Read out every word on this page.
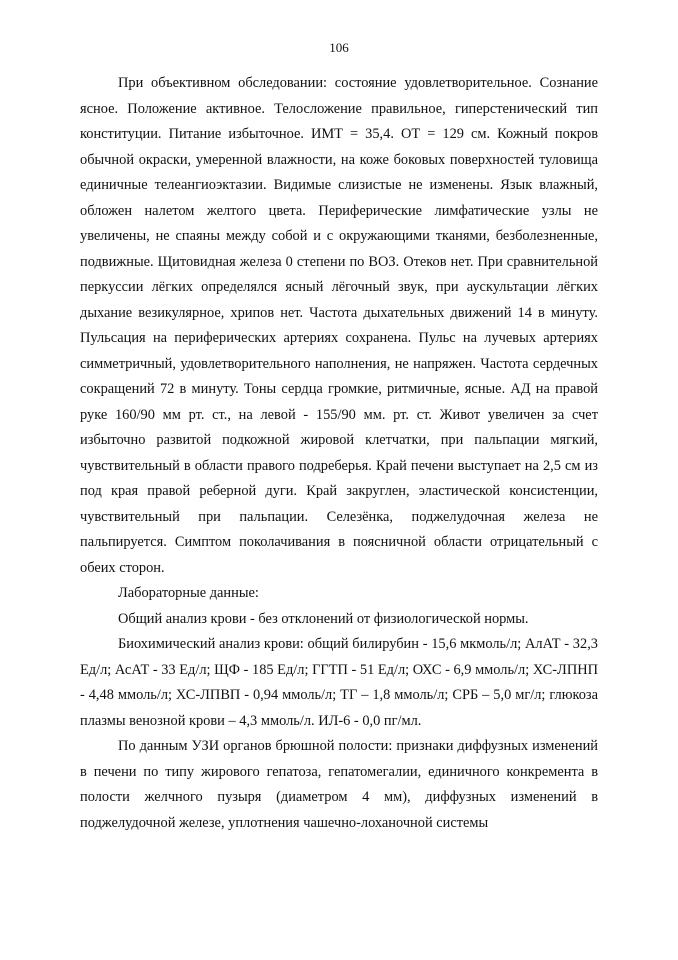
106

При объективном обследовании: состояние удовлетворительное. Сознание ясное. Положение активное. Телосложение правильное, гиперстенический тип конституции. Питание избыточное. ИМТ = 35,4. ОТ = 129 см. Кожный покров обычной окраски, умеренной влажности, на коже боковых поверхностей туловища единичные телеангиоэктазии. Видимые слизистые не изменены. Язык влажный, обложен налетом желтого цвета. Периферические лимфатические узлы не увеличены, не спаяны между собой и с окружающими тканями, безболезненные, подвижные. Щитовидная железа 0 степени по ВОЗ. Отеков нет. При сравнительной перкуссии лёгких определялся ясный лёгочный звук, при аускультации лёгких дыхание везикулярное, хрипов нет. Частота дыхательных движений 14 в минуту. Пульсация на периферических артериях сохранена. Пульс на лучевых артериях симметричный, удовлетворительного наполнения, не напряжен. Частота сердечных сокращений 72 в минуту. Тоны сердца громкие, ритмичные, ясные. АД на правой руке 160/90 мм рт. ст., на левой - 155/90 мм. рт. ст. Живот увеличен за счет избыточно развитой подкожной жировой клетчатки, при пальпации мягкий, чувствительный в области правого подреберья. Край печени выступает на 2,5 см из под края правой реберной дуги. Край закруглен, эластической консистенции, чувствительный при пальпации. Селезёнка, поджелудочная железа не пальпируется. Симптом поколачивания в поясничной области отрицательный с обеих сторон.

Лабораторные данные:

Общий анализ крови - без отклонений от физиологической нормы.

Биохимический анализ крови: общий билирубин - 15,6 мкмоль/л; АлАТ - 32,3 Ед/л; АсАТ - 33 Ед/л; ЩФ - 185 Ед/л; ГГТП - 51 Ед/л; ОХС - 6,9 ммоль/л; ХС-ЛПНП - 4,48 ммоль/л; ХС-ЛПВП - 0,94 ммоль/л; ТГ – 1,8 ммоль/л; СРБ – 5,0 мг/л; глюкоза плазмы венозной крови – 4,3 ммоль/л. ИЛ-6 - 0,0 пг/мл.

По данным УЗИ органов брюшной полости: признаки диффузных изменений в печени по типу жирового гепатоза, гепатомегалии, единичного конкремента в полости желчного пузыря (диаметром 4 мм), диффузных изменений в поджелудочной железе, уплотнения чашечно-лоханочной системы
